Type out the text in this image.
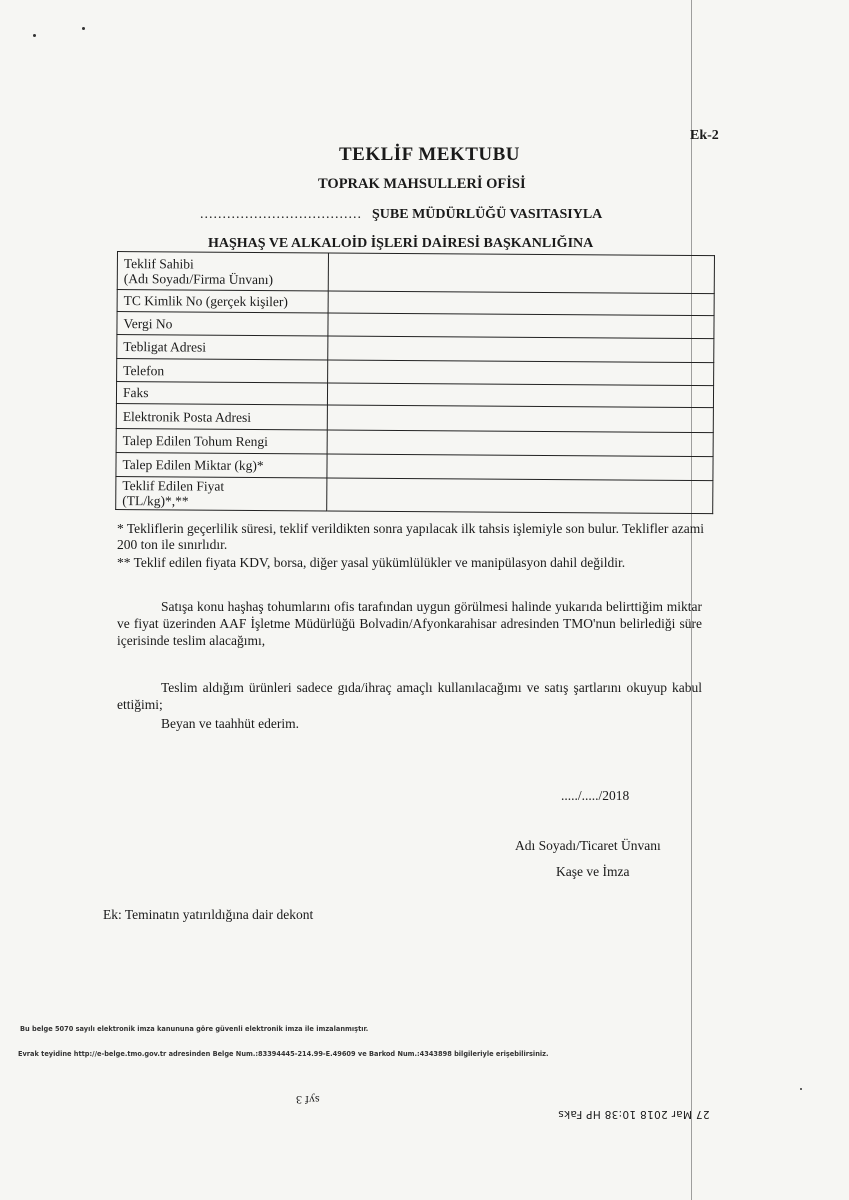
Ek-2
TEKLİF MEKTUBU
TOPRAK MAHSULLERİ OFİSİ
.................................... ŞUBE MÜDÜRLÜĞÜ VASITASIYLA
HAŞHAŞ VE ALKALOİD İŞLERİ DAİRESİ BAŞKANLIĞINA
Teklif Sahibi
(Adı Soyadı/Firma Ünvanı)	

TC Kimlik No (gerçek kişiler)	

Vergi No	

Tebligat Adresi	

Telefon	

Faks	

Elektronik Posta Adresi	

Talep Edilen Tohum Rengi	

Talep Edilen Miktar (kg)*	

Teklif Edilen Fiyat
(TL/kg)*,**	

* Tekliflerin geçerlilik süresi, teklif verildikten sonra yapılacak ilk tahsis işlemiyle son bulur. Teklifler azami 200 ton ile sınırlıdır.

** Teklif edilen fiyata KDV, borsa, diğer yasal yükümlülükler ve manipülasyon dahil değildir.

Satışa konu haşhaş tohumlarını ofis tarafından uygun görülmesi halinde yukarıda belirttiğim miktar ve fiyat üzerinden AAF İşletme Müdürlüğü Bolvadin/Afyonkarahisar adresinden TMO'nun belirlediği süre içerisinde teslim alacağımı,

Teslim aldığım ürünleri sadece gıda/ihraç amaçlı kullanılacağımı ve satış şartlarını okuyup kabul ettiğimi;

Beyan ve taahhüt ederim.
...../...../2018
Adı Soyadı/Ticaret Ünvanı
Kaşe ve İmza
Ek: Teminatın yatırıldığına dair dekont
Bu belge 5070 sayılı elektronik imza kanununa göre güvenli elektronik imza ile imzalanmıştır.
Evrak teyidine http://e-belge.tmo.gov.tr adresinden Belge Num.:83394445-214.99-E.49609 ve Barkod Num.:4343898 bilgileriyle erişebilirsiniz.
syf 3
27 Mar 2018 10:38 HP Faks
